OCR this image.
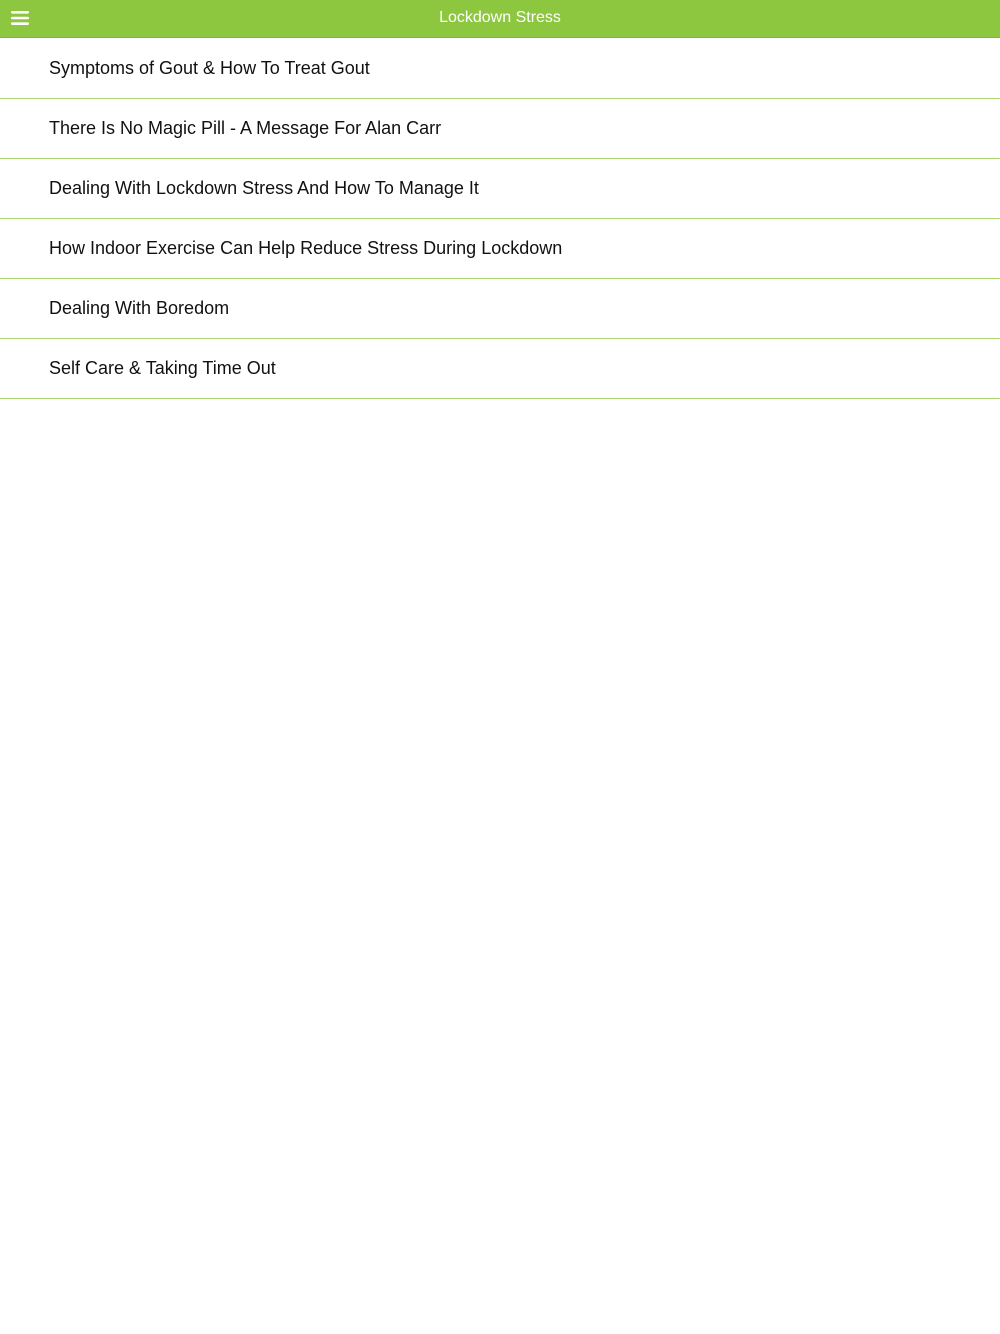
Lockdown Stress
Symptoms of Gout & How To Treat Gout
There Is No Magic Pill - A Message For Alan Carr
Dealing With Lockdown Stress And How To Manage It
How Indoor Exercise Can Help Reduce Stress During Lockdown
Dealing With Boredom
Self Care & Taking Time Out
